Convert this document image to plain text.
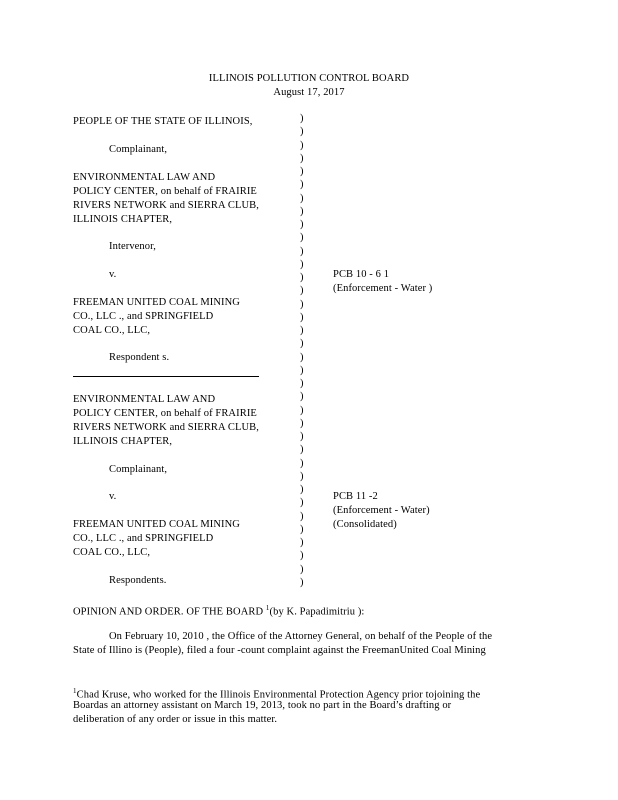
ILLINOIS POLLUTION CONTROL BOARD
August 17, 2017
PEOPLE OF THE STATE OF ILLINOIS,
Complainant,
ENVIRONMENTAL LAW AND
POLICY CENTER, on behalf of FRAIRIE
RIVERS NETWORK and SIERRA CLUB,
ILLINOIS CHAPTER,
Intervenor,
v.	PCB 10 - 6 1
(Enforcement - Water )
FREEMAN UNITED COAL MINING
CO., LLC ., and SPRINGFIELD
COAL CO., LLC,
Respondent s.
ENVIRONMENTAL LAW AND
POLICY CENTER, on behalf of FRAIRIE
RIVERS NETWORK and SIERRA CLUB,
ILLINOIS CHAPTER,
Complainant,
v.	PCB 11 -2
(Enforcement - Water)
(Consolidated)
FREEMAN UNITED COAL MINING
CO., LLC ., and SPRINGFIELD
COAL CO., LLC,
Respondents.
)
)
)
)
)
)
)
)
)
)
)
)
)
)
)
)
)
)
)
)
)
)
)
)
)
)
)
)
)
)
)
)
)
)
)
)
OPINION AND ORDER. OF THE BOARD $^1$(by K. Papadimitriu ):
On February 10, 2010 , the Office of the Attorney General, on behalf of the People of the
State of Illino is (People), filed a four -count complaint against the FreemanUnited Coal Mining
$^1$Chad Kruse, who worked for the Illinois Environmental Protection Agency prior tojoining the
Boardas an attorney assistant on March 19, 2013, took no part in the Board’s drafting or
deliberation of any order or issue in this matter.
